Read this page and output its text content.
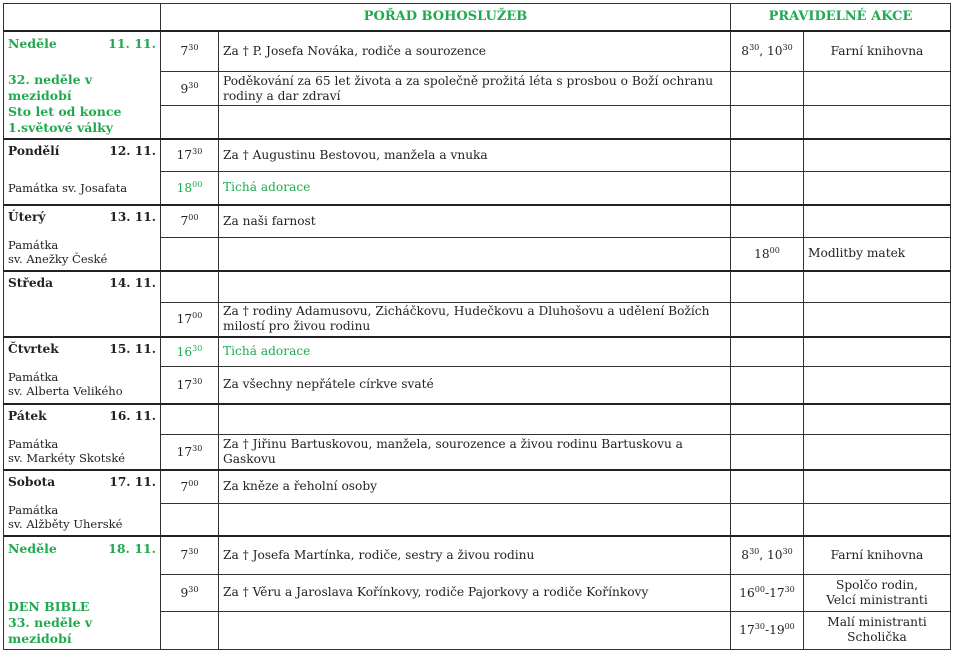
	POŘAD BOHOSLUŽEB		PRAVIDELNÉ AKCE	

Neděle 11. 11.
32. neděle v mezidobí
Sto let od konce
1.světové války	$7^{30}$	Za † P. Josefa Nováka, rodiče a sourozence	$8^{30}$, $10^{30}$	Farní knihovna

	$9^{30}$	Poděkování za 65 let života a za společně prožitá léta s prosbou o Boží ochranu rodiny a dar zdraví		

Pondělí 12. 11.
Památka sv. Josafata	$17^{30}$	Za † Augustinu Bestovou, manžela a vnuka		
	$18^{00}$	Tichá adorace		

Úterý 13. 11.
Památka
sv. Anežky České	$7^{00}$	Za naši farnost		
			$18^{00}$	Modlitby matek

Středa 14. 11.				

	$17^{00}$	Za † rodiny Adamusovu, Zicháčkovu, Hudečkovu a Dluhošovu a udělení Božích milostí pro živou rodinu		

Čtvrtek 15. 11.
Památka
sv. Alberta Velikého	$16^{30}$	Tichá adorace		
	$17^{30}$	Za všechny nepřátele církve svaté		

Pátek 16. 11.
Památka
sv. Markéty Skotské				

	$17^{30}$	Za † Jiřinu Bartuskovou, manžela, sourozence a živou rodinu Bartuskovu a Gaskovu		

Sobota 17. 11.
Památka
sv. Alžběty Uherské	$7^{00}$	Za kněze a řeholní osoby		

Neděle 18. 11.
DEN BIBLE
33. neděle v mezidobí	$7^{30}$	Za † Josefa Martínka, rodiče, sestry a živou rodinu	$8^{30}$, $10^{30}$	Farní knihovna

	$9^{30}$	Za † Věru a Jaroslava Kořínkovy, rodiče Pajorkovy a rodiče Kořínkovy	$16^{00}-17^{30}$	Spolčo rodin,
Velcí ministranti

			$17^{30}-19^{00}$	Malí ministranti
Scholička
